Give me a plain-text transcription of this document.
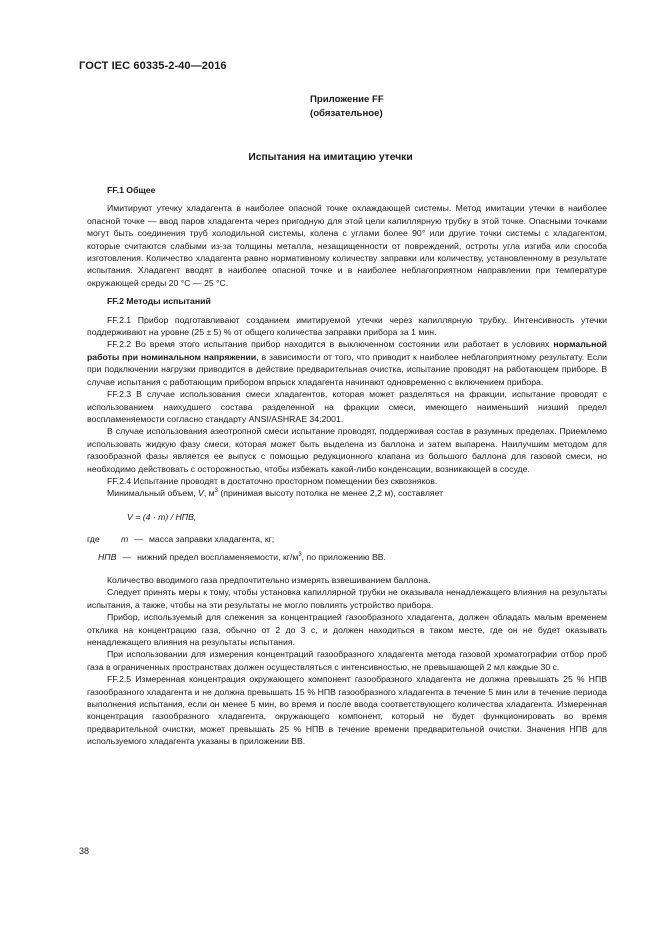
ГОСТ IEC 60335-2-40—2016
Приложение FF
(обязательное)
Испытания на имитацию утечки

FF.1 Общее

Имитируют утечку хладагента в наиболее опасной точке охлаждающей системы. Метод имитации утечки в наиболее опасной точке — ввод паров хладагента через пригодную для этой цели капиллярную трубку в этой точке. Опасными точками могут быть соединения труб холодильной системы, колена с углами более 90° или другие точки системы с хладагентом, которые считаются слабыми из-за толщины металла, незащищенности от повреждений, остроты угла изгиба или способа изготовления. Количество хладагента равно нормативному количеству заправки или количеству, установленному в результате испытания. Хладагент вводят в наиболее опасной точке и в наиболее неблагоприятном направлении при температуре окружающей среды 20 °С — 25 °С.

FF.2 Методы испытаний

FF.2.1 Прибор подготавливают созданием имитируемой утечки через капиллярную трубку. Интенсивность утечки поддерживают на уровне (25 ± 5) % от общего количества заправки прибора за 1 мин.

FF.2.2 Во время этого испытания прибор находится в выключенном состоянии или работает в условиях нормальной работы при номинальном напряжении, в зависимости от того, что приводит к наиболее неблагоприятному результату. Если при подключении нагрузки приводится в действие предварительная очистка, испытание проводят на работающем приборе. В случае испытания с работающим прибором впрыск хладагента начинают одновременно с включением прибора.

FF.2.3 В случае использования смеси хладагентов, которая может разделяться на фракции, испытание проводят с использованием наихудшего состава разделенной на фракции смеси, имеющего наименьший низший предел воспламеняемости согласно стандарту ANSI/ASHRAE 34:2001.

В случае использования азеотропной смеси испытание проводят, поддерживая состав в разумных пределах. Приемлемо использовать жидкую фазу смеси, которая может быть выделена из баллона и затем выпарена. Наилучшим методом для газообразной фазы является ее выпуск с помощью редукционного клапана из большого баллона для газовой смеси, но необходимо действовать с осторожностью, чтобы избежать какой-либо конденсации, возникающей в сосуде.

FF.2.4 Испытание проводят в достаточно просторном помещении без сквозняков.

Минимальный объем, V, $м^3$ (принимая высоту потолка не менее 2,2 м), составляет

V = (4 · m) / НПВ,

где	m — масса заправки хладагента, кг;
НПВ — нижний предел воспламеняемости, $кг/м^3$, по приложению ВВ.

Количество вводимого газа предпочтительно измерять взвешиванием баллона.

Следует принять меры к тому, чтобы установка капиллярной трубки не оказывала ненадлежащего влияния на результаты испытания, а также, чтобы на эти результаты не могло повлиять устройство прибора.

Прибор, используемый для слежения за концентрацией газообразного хладагента, должен обладать малым временем отклика на концентрацию газа, обычно от 2 до 3 с, и должен находиться в таком месте, где он не будет оказывать ненадлежащего влияния на результаты испытания.

При использовании для измерения концентраций газообразного хладагента метода газовой хроматографии отбор проб газа в ограниченных пространствах должен осуществляться с интенсивностью, не превышающей 2 мл каждые 30 с.

FF.2.5 Измеренная концентрация окружающего компонент газообразного хладагента не должна превышать 25 % НПВ газообразного хладагента и не должна превышать 15 % НПВ газообразного хладагента в течение 5 мин или в течение периода выполнения испытания, если он менее 5 мин, во время и после ввода соответствующего количества хладагента. Измеренная концентрация газообразного хладагента, окружающего компонент, который не будет функционировать во время предварительной очистки, может превышать 25 % НПВ в течение времени предварительной очистки. Значения НПВ для используемого хладагента указаны в приложении ВВ.

38
